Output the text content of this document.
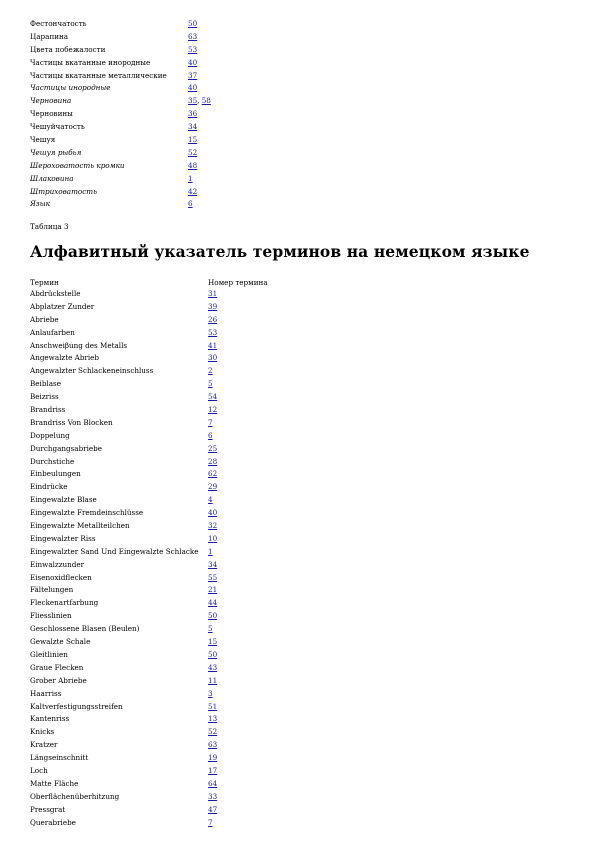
Фестончатость	50
Царапина	63
Цвета побежалости	53
Частицы вкатанные инородные	40
Частицы вкатанные металлические	37
Частицы инородные	40
Черновина	35, 58
Черновины	36
Чешуйчатость	34
Чешуя	15
Чешуя рыбья	52
Шероховатость кромки	48
Шлаковина	1
Штриховатость	42
Язык	6
Таблица 3
Алфавитный указатель терминов на немецком языке
Термин	Номер термина
Abdrückstelle	31
Abplatzer Zunder	39
Abriebe	26
Anlaufarben	53
Anschweiβung des Metalls	41
Angewalzte Abrieb	30
Angewalzter Schlackeneinschluss	2
Beiblase	5
Beizriss	54
Brandriss	12
Brandriss Von Blocken	7
Doppelung	6
Durchgangsabriebe	25
Durchstiche	28
Einbeulungen	62
Eindrücke	29
Eingewalzte Blase	4
Eingewalzte Fremdeinschlüsse	40
Eingewalzte Metallteilchen	32
Eingewalzter Riss	10
Eingewalzter Sand Und Eingewalzte Schlacke 1
Einwalzzunder	34
Eisenoxidflecken	55
Fältelungen	21
Fleckenartfarbung	44
Fliesslinien	50
Geschlossene Blasen (Beulen)	5
Gewalzte Schale	15
Gleitlinien	50
Graue Flecken	43
Grober Abriebe	11
Haarriss	3
Kaltverfestigungsstreifen	51
Kantenriss	13
Knicks	52
Kratzer	63
Längseinschnitt	19
Loch	17
Matte Fläche	64
Oberflächenüberhitzung	33
Pressgrat	47
Querabriebe	7
